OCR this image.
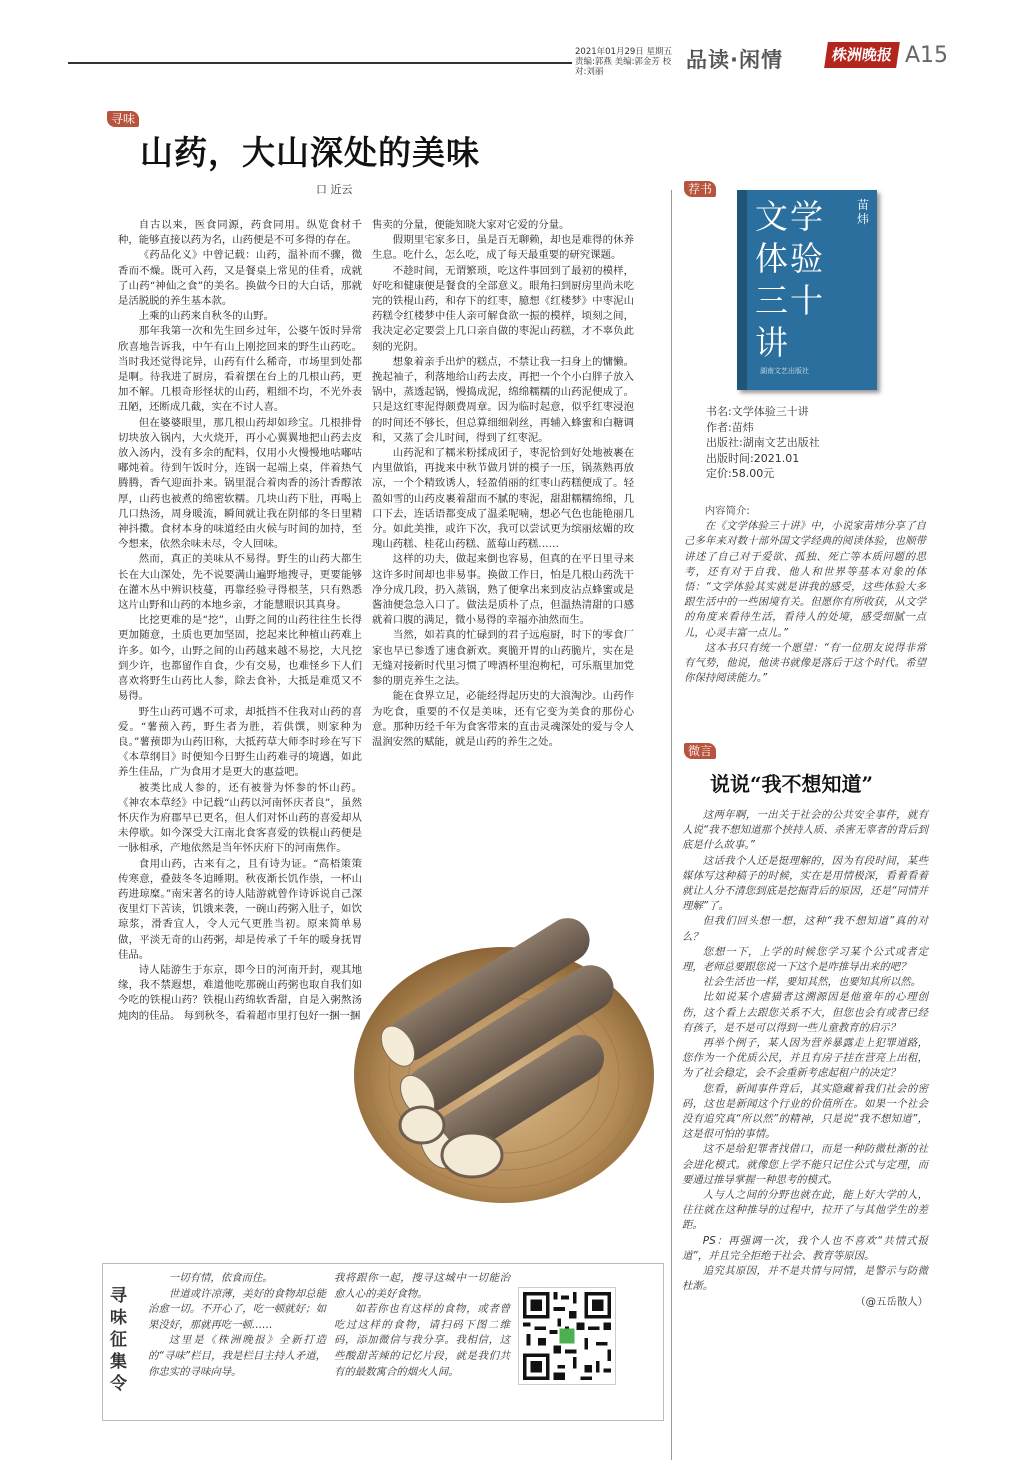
2021年01月29日 星期五
责编:郭燕 美编:郭金芳 校对:刘丽	品读·闲情	株洲晚报 A15
寻味
山药，大山深处的美味
口 近云

自古以来，医食同源，药食同用。纵览食材千种，能够直接以药为名，山药便是不可多得的存在。

《药品化义》中曾记载：山药，温补而不骤，微香而不燥。既可入药，又是餐桌上常见的佳肴，成就了山药“神仙之食”的美名。换做今日的大白话，那就是活脱脱的养生基本款。

上乘的山药来自秋冬的山野。

那年我第一次和先生回乡过年，公婆午饭时异常欣喜地告诉我，中午有山上刚挖回来的野生山药吃。当时我还觉得诧异，山药有什么稀奇，市场里到处都是啊。待我进了厨房，看着摆在台上的几根山药，更加不解。几根奇形怪状的山药，粗细不均，不光外表丑陋，还断成几截，实在不讨人喜。

但在婆婆眼里，那几根山药却如珍宝。几根排骨切块放入锅内，大火烧开，再小心翼翼地把山药去皮放入汤内，没有多余的配料，仅用小火慢慢地咕嘟咕嘟炖着。待到午饭时分，连锅一起端上桌，伴着热气腾腾，香气迎面扑来。锅里混合着肉香的汤汁香醇浓厚，山药也被煮的绵密软糯。几块山药下肚，再喝上几口热汤，周身暖流，瞬间就让我在阴郁的冬日里精神抖擞。食材本身的味道经由火候与时间的加持，至今想来，依然余味未尽，令人回味。

然而，真正的美味从不易得。野生的山药大都生长在大山深处，先不说要满山遍野地搜寻，更要能够在灌木丛中辨识枝蔓，再靠经验寻得根茎，只有熟悉这片山野和山药的本地乡亲，才能慧眼识其真身。

比挖更难的是“挖”，山野之间的山药往往生长得更加随意，土质也更加坚固，挖起来比种植山药难上许多。如今，山野之间的山药越来越不易挖，大凡挖到少许，也都留作自食，少有交易，也难怪乡下人们喜欢将野生山药比人参，除去食补，大抵是难觅又不易得。

野生山药可遇不可求，却抵挡不住我对山药的喜爱。“薯蓣入药，野生者为胜，若供馔，则家种为良。”薯蓣即为山药旧称，大抵药草大师李时珍在写下《本草纲目》时便知今日野生山药难寻的境遇，如此养生佳品，广为食用才是更大的惠益吧。

被类比成人参的，还有被誉为怀参的怀山药。《神农本草经》中记载“山药以河南怀庆者良”，虽然怀庆作为府郡早已更名，但人们对怀山药的喜爱却从未停歇。如今深受大江南北食客喜爱的铁棍山药便是一脉相承，产地依然是当年怀庆府下的河南焦作。

食用山药，古来有之，且有诗为证。“高梧策策传寒意，叠鼓冬冬迫睡期。秋夜渐长饥作祟，一杯山药进琼糜。”南宋著名的诗人陆游就曾作诗诉说自己深夜里灯下苦读，饥饿来袭，一碗山药粥入肚子，如饮琼浆，滑香宜人，令人元气更胜当初。原来简单易做，平淡无奇的山药粥，却是传承了千年的暖身抚胃佳品。

诗人陆游生于东京，即今日的河南开封，观其地缘，我不禁遐想，难道他吃那碗山药粥也取自我们如今吃的铁棍山药？铁棍山药绵软香甜，自是入粥熬汤炖肉的佳品。 每到秋冬，看着超市里打包好一捆一捆

售卖的分量，便能知晓大家对它爱的分量。

假期里宅家多日，虽是百无聊赖，却也是难得的休养生息。吃什么，怎么吃，成了每天最重要的研究课题。

不趁时间，无谓繁琐，吃这件事回到了最初的模样，好吃和健康便是餐食的全部意义。眼角扫到厨房里尚未吃完的铁棍山药，和存下的红枣，臆想《红楼梦》中枣泥山药糕令红楼梦中佳人亲可解食欲一振的模样，顷刻之间，我决定必定要尝上几口亲自做的枣泥山药糕，才不辜负此刻的光阴。

想象着亲手出炉的糕点，不禁让我一扫身上的慵懒。挽起袖子，利落地给山药去皮，再把一个个小白胖子放入锅中，蒸透起锅，慢捣成泥，绵绵糯糯的山药泥便成了。只是这红枣泥得颇费周章。因为临时起意，似乎红枣浸泡的时间还不够长，但总算细细剁丝，再辅入蜂蜜和白糖调和，又蒸了会儿时间，得到了红枣泥。

山药泥和了糯米粉揉成团子，枣泥恰到好处地被裹在内里做馅，再拢来中秋节做月饼的模子一压，锅蒸熟再放凉，一个个精致诱人，轻盈俏丽的红枣山药糕便成了。轻盈如雪的山药皮裹着甜而不腻的枣泥，甜甜糯糯绵绵，几口下去，连话语都变成了温柔呢喃，想必气色也能艳丽几分。如此美推，或许下次，我可以尝试更为缤丽炫媚的玫瑰山药糕、桂花山药糕、蓝莓山药糕……

这样的功夫，做起来倒也容易，但真的在平日里寻来这许多时间却也非易事。换做工作日，怕是几根山药洗干净分成几段，扔入蒸锅，熟了便拿出来到皮沾点蜂蜜或是酱油便急急入口了。做法是质朴了点，但温热清甜的口感就着口腹的满足，微小易得的幸福亦油然而生。

当然，如若真的忙碌到的君子远庖厨，时下的零食厂家也早已参透了速食新欢。爽脆开胃的山药脆片，实在是无缝对接新时代里习惯了啤酒杯里泡枸杞，可乐瓶里加党参的朋克养生之法。

能在食界立足，必能经得起历史的大浪淘沙。山药作为吃食，重要的不仅是美味，还有它变为美食的那份心意。那种历经千年为食客带来的直击灵魂深处的爱与令人温润安然的赋能，就是山药的养生之处。

荐书
文学体验三十讲
苗炜
湖南文艺出版社
书名:文学体验三十讲
作者:苗炜
出版社:湖南文艺出版社
出版时间:2021.01
定价:58.00元

内容简介:

在《文学体验三十讲》中，小说家苗炜分享了自己多年来对数十部外国文学经典的阅读体验，也顺带讲述了自己对于爱欲、孤独、死亡等本质问题的思考，还有对于自我、他人和世界等基本对象的体悟：“文学体验其实就是讲我的感受，这些体验大多跟生活中的一些困境有关。但愿你有所收获，从文学的角度来看待生活，看待人的处境，感受细腻一点儿，心灵丰富一点儿。”

这本书只有统一个愿望：“有一位朋友说得非常有气势，他说，他读书就像是落后于这个时代。希望你保持阅读能力。”

微言
说说“我不想知道”

这两年啊，一出关于社会的公共安全事件，就有人说“我不想知道那个挟持人质、杀害无辜者的背后到底是什么故事。”

这话我个人还是挺理解的，因为有段时间，某些媒体写这种稿子的时候，实在是用情极深，看着看着就让人分不清您到底是挖掘背后的原因，还是“同情并理解”了。

但我们回头想一想，这种“我不想知道”真的对么？

您想一下，上学的时候您学习某个公式或者定理，老师总要跟您说一下这个是咋推导出来的吧？

社会生活也一样，要知其然，也要知其所以然。

比如说某个虐猫者这溯源因是他童年的心理创伤，这个看上去跟您关系不大，但您也会有或者已经有孩子，是不是可以得到一些儿童教育的启示？

再举个例子，某人因为营养暴露走上犯罪道路，您作为一个优质公民，并且有房子挂在营亮上出租，为了社会稳定，会不会重新考虑起租户的决定？

您看，新闻事件背后，其实隐藏着我们社会的密码，这也是新闻这个行业的价值所在。如果一个社会没有追究真“所以然”的精神，只是说“我不想知道”，这是很可怕的事情。

这不是给犯罪者找借口，而是一种防微杜渐的社会进化模式。就像您上学不能只记住公式与定理，而要通过推导掌握一种思考的模式。

人与人之间的分野也就在此，能上好大学的人，往往就在这种推导的过程中，拉开了与其他学生的差距。

PS：再强调一次，我个人也不喜欢“共情式报道”，并且完全拒绝于社会、教育等原因。

追究其原因，并不是共情与同情，是警示与防微杜渐。

（@五岳散人）

寻味征集令

一切有情，依食而住。

世道或许凉薄，美好的食物却总能治愈一切。不开心了，吃一顿就好；如果没好，那就再吃一顿……

这里是《株洲晚报》全新打造的“寻味”栏目，我是栏目主持人矛道，你忠实的寻味向导。

我将跟你一起，搜寻这城中一切能治愈人心的美好食物。

如若你也有这样的食物，或者曾吃过这样的食物，请扫码下图二维码，添加微信与我分享。我相信，这些酸甜苦辣的记忆片段，就是我们共有的最数寓合的烟火人间。
